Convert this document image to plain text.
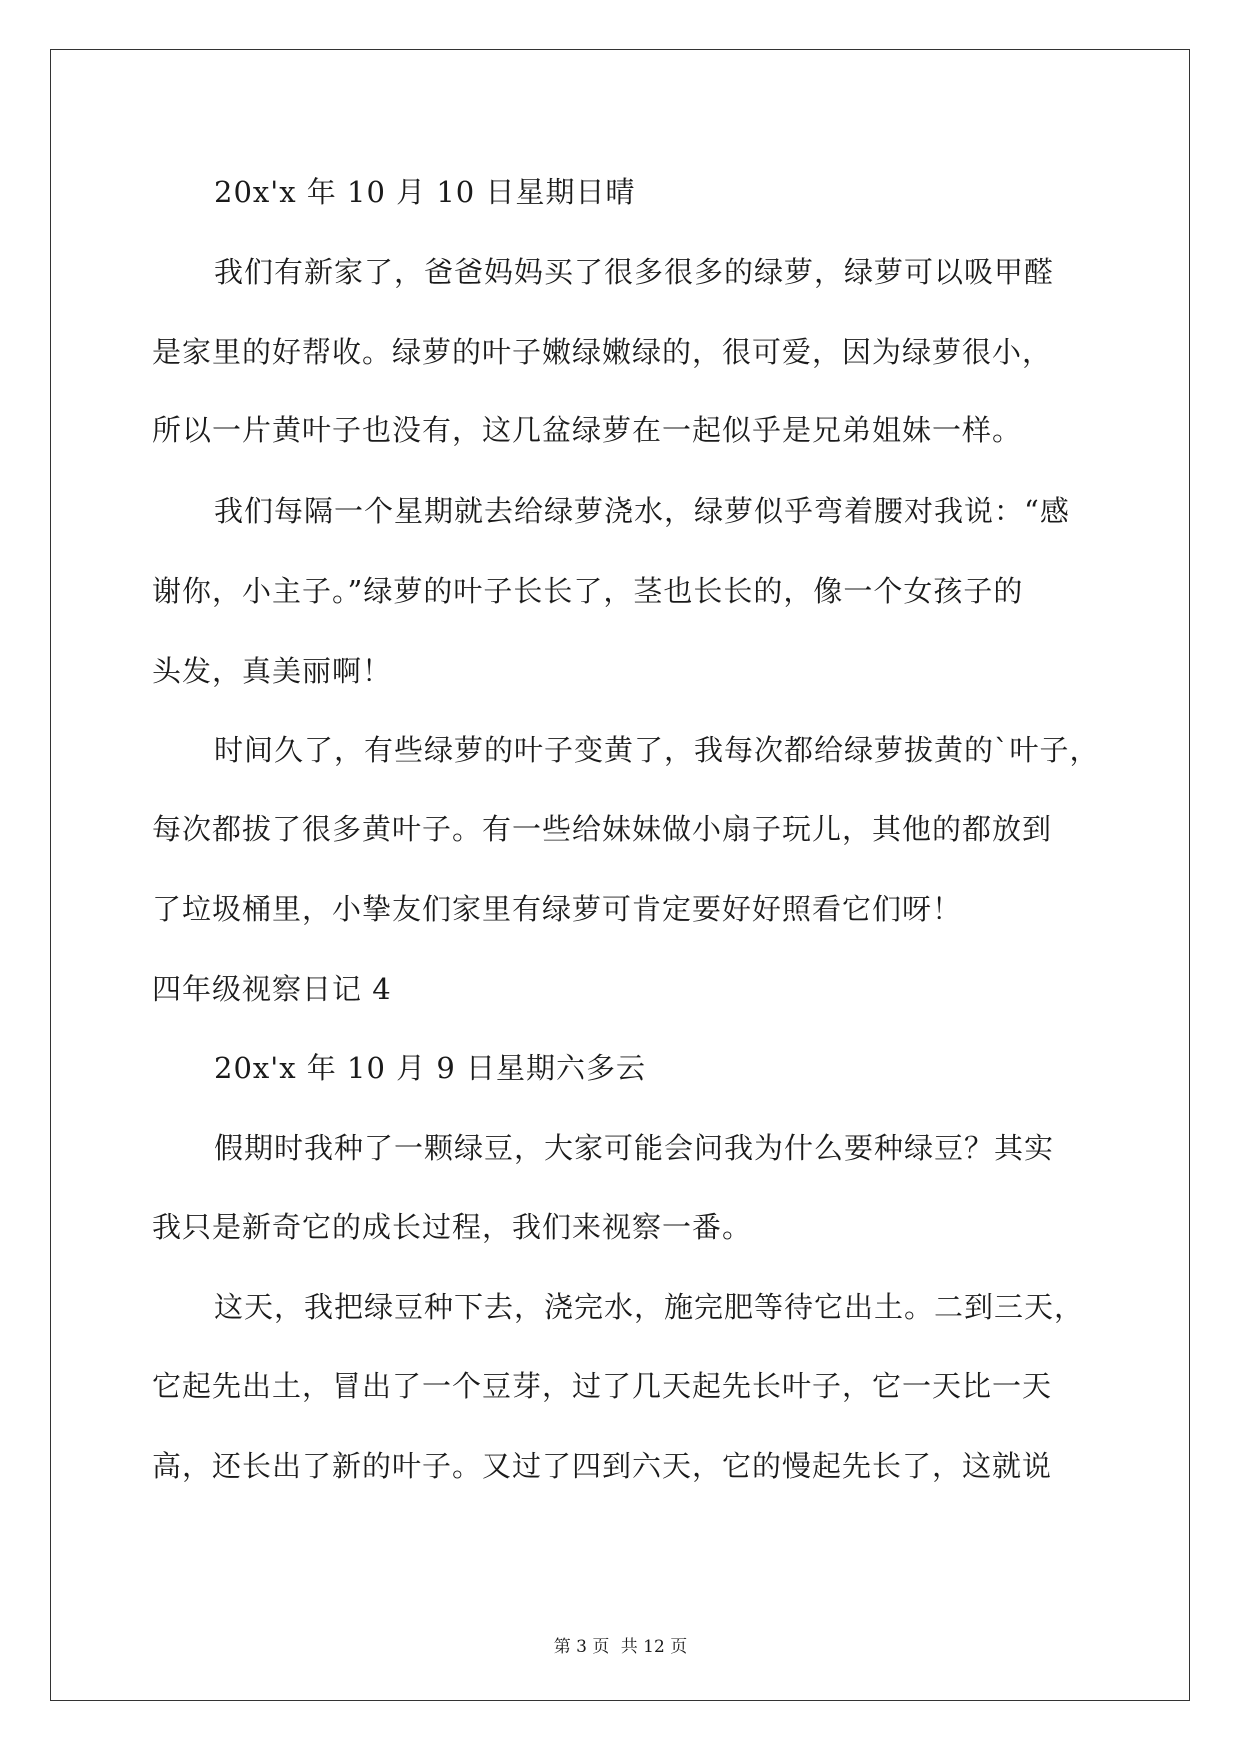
20x'x 年 10 月 10 日星期日晴
我们有新家了，爸爸妈妈买了很多很多的绿萝，绿萝可以吸甲醛
是家里的好帮收。绿萝的叶子嫩绿嫩绿的，很可爱，因为绿萝很小，
所以一片黄叶子也没有，这几盆绿萝在一起似乎是兄弟姐妹一样。
我们每隔一个星期就去给绿萝浇水，绿萝似乎弯着腰对我说：“感
谢你，小主子。”绿萝的叶子长长了，茎也长长的，像一个女孩子的
头发，真美丽啊！
时间久了，有些绿萝的叶子变黄了，我每次都给绿萝拔黄的`叶子，
每次都拔了很多黄叶子。有一些给妹妹做小扇子玩儿，其他的都放到
了垃圾桶里，小挚友们家里有绿萝可肯定要好好照看它们呀！
四年级视察日记 4
20x'x 年 10 月 9 日星期六多云
假期时我种了一颗绿豆，大家可能会问我为什么要种绿豆？其实
我只是新奇它的成长过程，我们来视察一番。
这天，我把绿豆种下去，浇完水，施完肥等待它出土。二到三天，
它起先出土，冒出了一个豆芽，过了几天起先长叶子，它一天比一天
高，还长出了新的叶子。又过了四到六天，它的慢起先长了，这就说
第 3 页 共 12 页
